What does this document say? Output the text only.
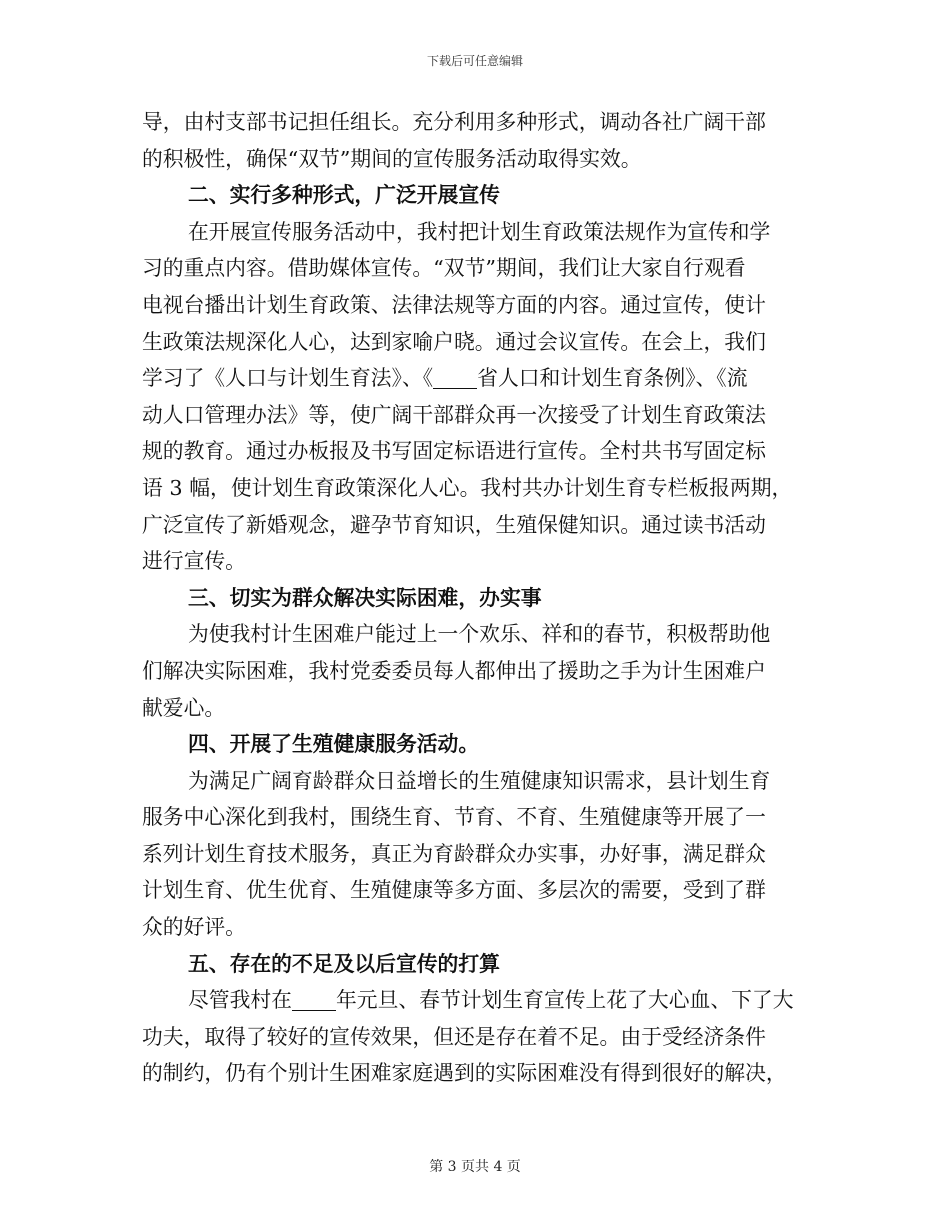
下载后可任意编辑
导，由村支部书记担任组长。充分利用多种形式，调动各社广阔干部
的积极性，确保“双节”期间的宣传服务活动取得实效。
二、实行多种形式，广泛开展宣传
在开展宣传服务活动中，我村把计划生育政策法规作为宣传和学
习的重点内容。借助媒体宣传。“双节”期间，我们让大家自行观看
电视台播出计划生育政策、法律法规等方面的内容。通过宣传，使计
生政策法规深化人心，达到家喻户晓。通过会议宣传。在会上，我们
学习了《人口与计划生育法》、《 省人口和计划生育条例》、《流
动人口管理办法》等，使广阔干部群众再一次接受了计划生育政策法
规的教育。通过办板报及书写固定标语进行宣传。全村共书写固定标
语 3 幅，使计划生育政策深化人心。我村共办计划生育专栏板报两期，
广泛宣传了新婚观念，避孕节育知识，生殖保健知识。通过读书活动
进行宣传。
三、切实为群众解决实际困难，办实事
为使我村计生困难户能过上一个欢乐、祥和的春节，积极帮助他
们解决实际困难，我村党委委员每人都伸出了援助之手为计生困难户
献爱心。
四、开展了生殖健康服务活动。
为满足广阔育龄群众日益增长的生殖健康知识需求，县计划生育
服务中心深化到我村，围绕生育、节育、不育、生殖健康等开展了一
系列计划生育技术服务，真正为育龄群众办实事，办好事，满足群众
计划生育、优生优育、生殖健康等多方面、多层次的需要，受到了群
众的好评。
五、存在的不足及以后宣传的打算
尽管我村在 年元旦、春节计划生育宣传上花了大心血、下了大
功夫，取得了较好的宣传效果，但还是存在着不足。由于受经济条件
的制约，仍有个别计生困难家庭遇到的实际困难没有得到很好的解决，
第 3 页共 4 页
